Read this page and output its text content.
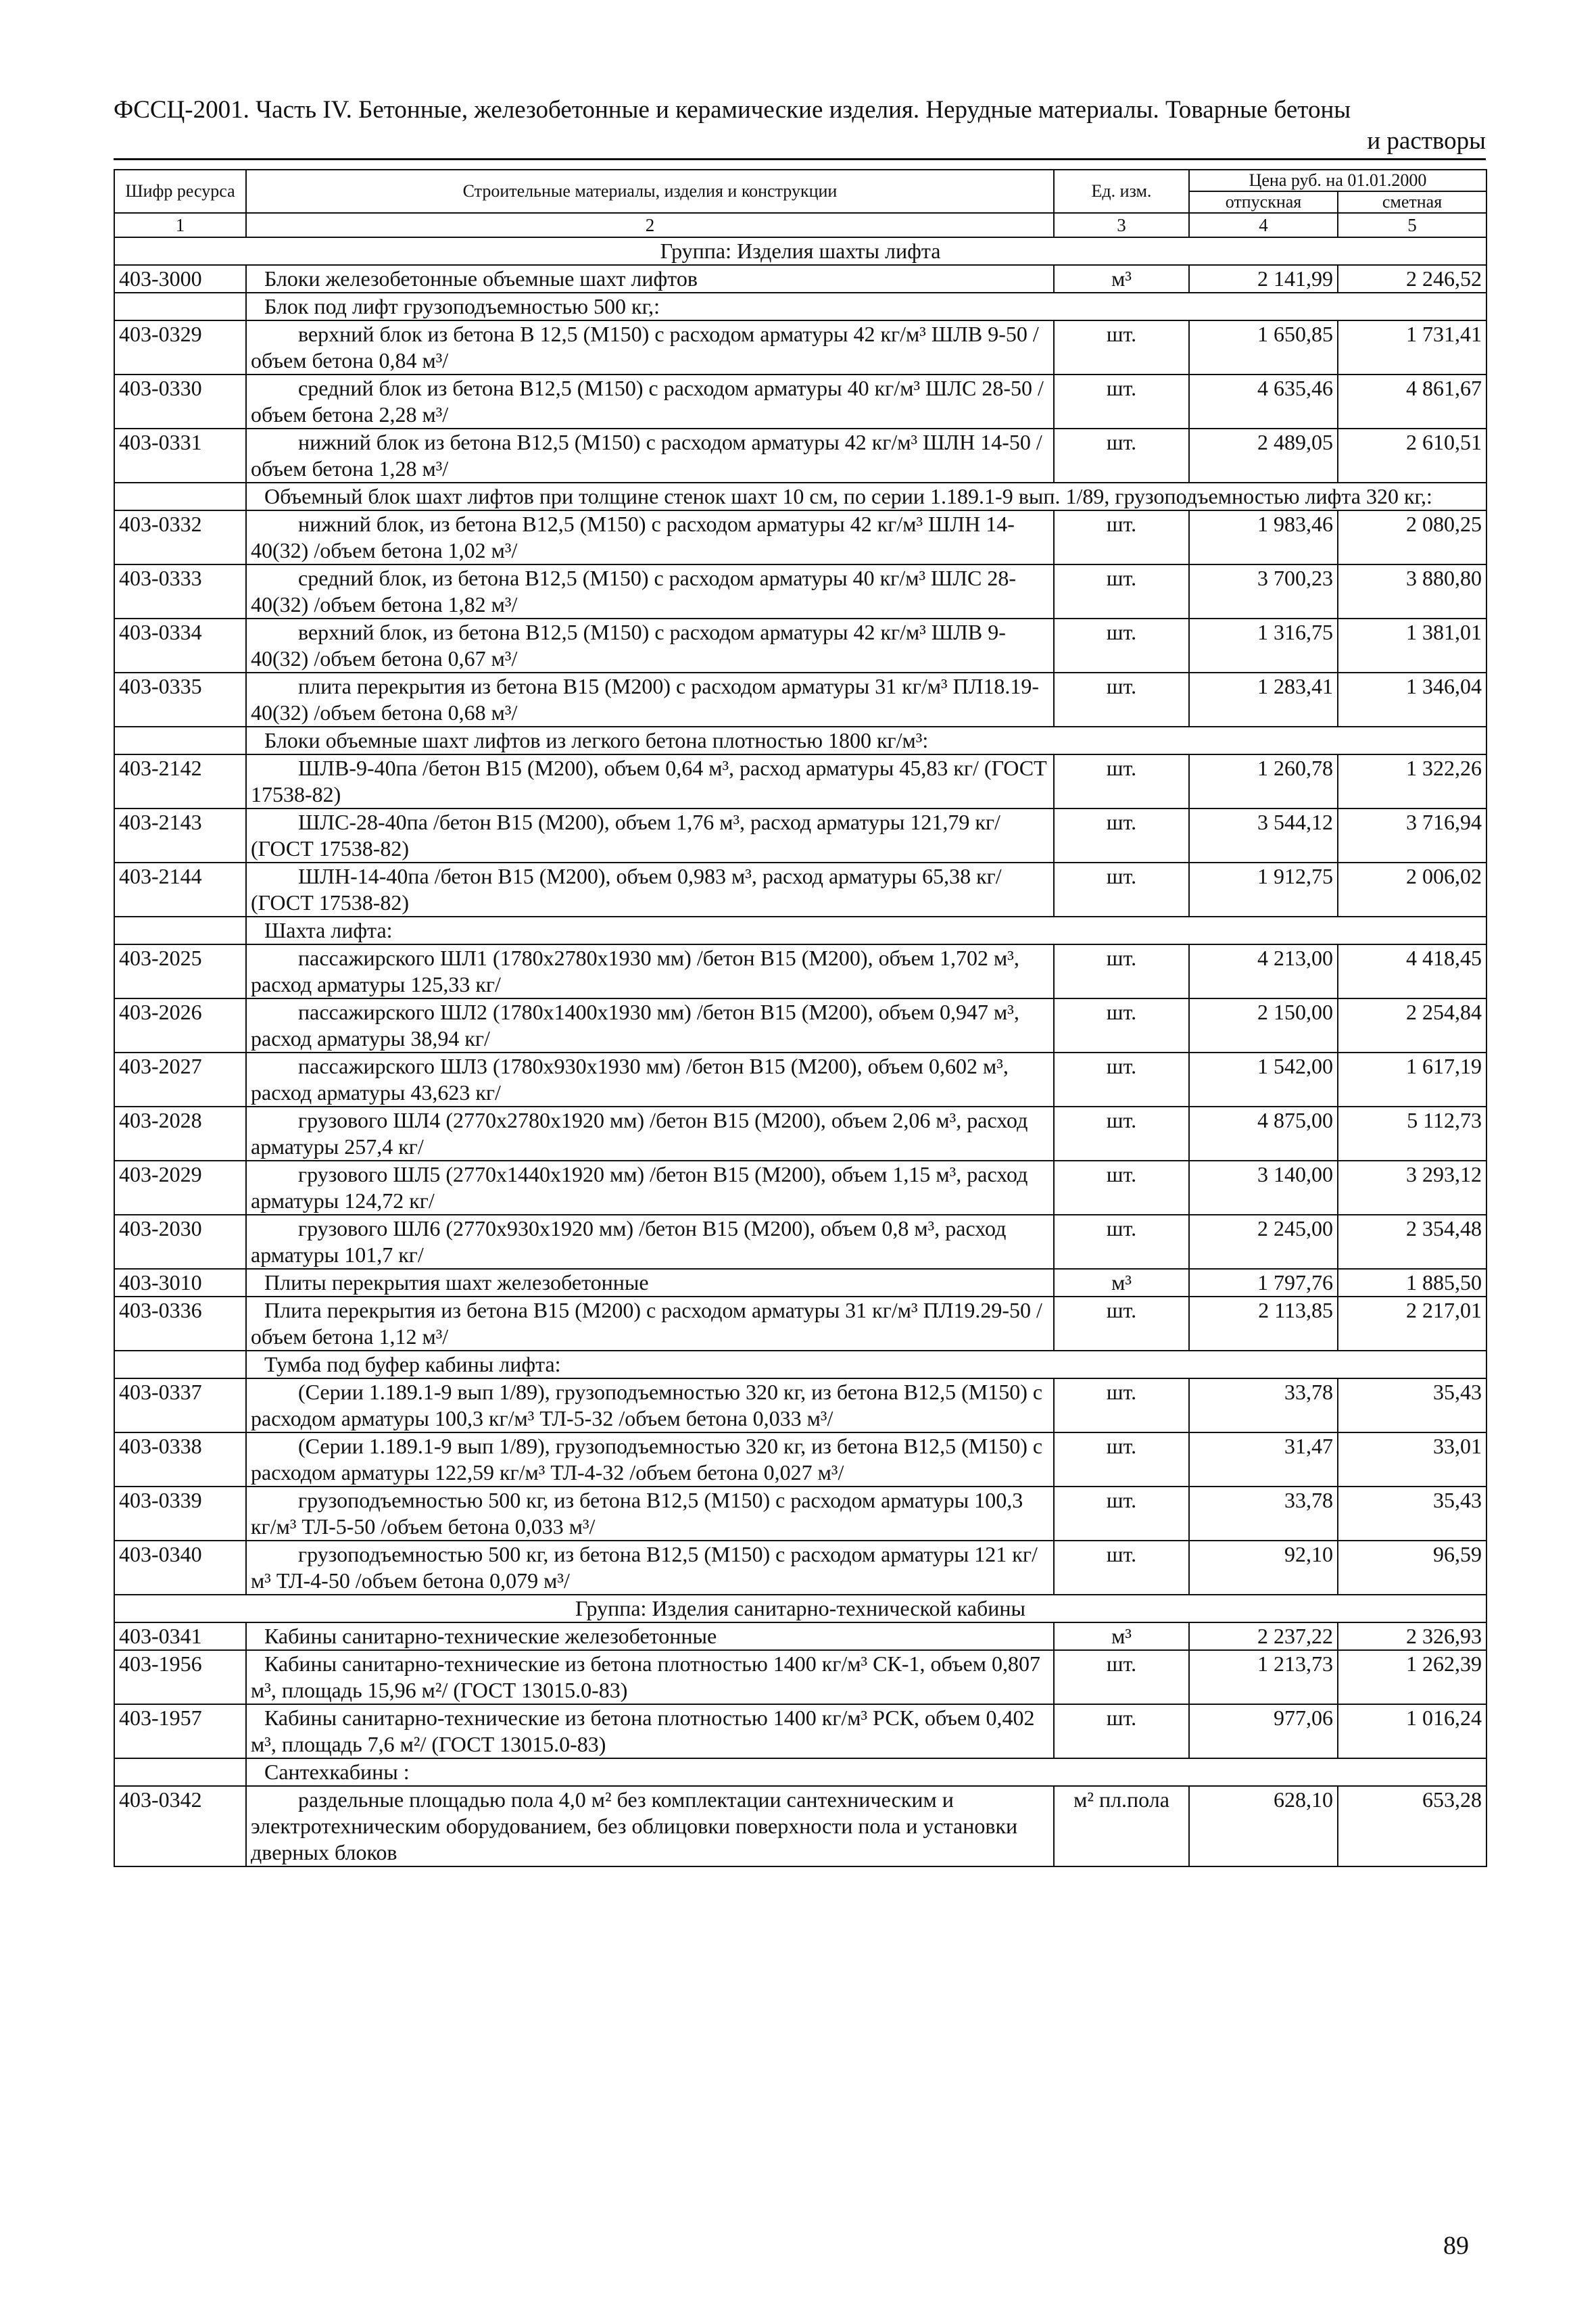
ФССЦ-2001. Часть IV. Бетонные, железобетонные и керамические изделия. Нерудные материалы. Товарные бетоны
и растворы
Шифр ресурса	Строительные материалы, изделия и конструкции	Ед. изм.	Цена руб. на 01.01.2000	
			отпускная	сметная
1	2	3	4	5
Группа: Изделия шахты лифта				
403-3000	Блоки железобетонные объемные шахт лифтов	м³	2 141,99	2 246,52
	Блок под лифт грузоподъемностью 500 кг,:			
403-0329	верхний блок из бетона В 12,5 (М150) с расходом арматуры 42 кг/м³ ШЛВ 9-50 /объем бетона 0,84 м³/	шт.	1 650,85	1 731,41
403-0330	средний блок из бетона В12,5 (М150) с расходом арматуры 40 кг/м³ ШЛС 28-50 /объем бетона 2,28 м³/	шт.	4 635,46	4 861,67
403-0331	нижний блок из бетона В12,5 (М150) с расходом арматуры 42 кг/м³ ШЛН 14-50 /объем бетона 1,28 м³/	шт.	2 489,05	2 610,51
	Объемный блок шахт лифтов при толщине стенок шахт 10 см, по серии 1.189.1-9 вып. 1/89, грузоподъемностью лифта 320 кг,:			
403-0332	нижний блок, из бетона В12,5 (М150) с расходом арматуры 42 кг/м³ ШЛН 14-40(32) /объем бетона 1,02 м³/	шт.	1 983,46	2 080,25
403-0333	средний блок, из бетона В12,5 (М150) с расходом арматуры 40 кг/м³ ШЛС 28-40(32) /объем бетона 1,82 м³/	шт.	3 700,23	3 880,80
403-0334	верхний блок, из бетона В12,5 (М150) с расходом арматуры 42 кг/м³ ШЛВ 9-40(32) /объем бетона 0,67 м³/	шт.	1 316,75	1 381,01
403-0335	плита перекрытия из бетона В15 (М200) с расходом арматуры 31 кг/м³ ПЛ18.19-40(32) /объем бетона 0,68 м³/	шт.	1 283,41	1 346,04
	Блоки объемные шахт лифтов из легкого бетона плотностью 1800 кг/м³:			
403-2142	ШЛВ-9-40па /бетон В15 (М200), объем 0,64 м³, расход арматуры 45,83 кг/ (ГОСТ 17538-82)	шт.	1 260,78	1 322,26
403-2143	ШЛС-28-40па /бетон В15 (М200), объем 1,76 м³, расход арматуры 121,79 кг/ (ГОСТ 17538-82)	шт.	3 544,12	3 716,94
403-2144	ШЛН-14-40па /бетон В15 (М200), объем 0,983 м³, расход арматуры 65,38 кг/ (ГОСТ 17538-82)	шт.	1 912,75	2 006,02
	Шахта лифта:			
403-2025	пассажирского ШЛ1 (1780х2780х1930 мм) /бетон В15 (М200), объем 1,702 м³, расход арматуры 125,33 кг/	шт.	4 213,00	4 418,45
403-2026	пассажирского ШЛ2 (1780х1400х1930 мм) /бетон В15 (М200), объем 0,947 м³, расход арматуры 38,94 кг/	шт.	2 150,00	2 254,84
403-2027	пассажирского ШЛ3 (1780х930х1930 мм) /бетон В15 (М200), объем 0,602 м³, расход арматуры 43,623 кг/	шт.	1 542,00	1 617,19
403-2028	грузового ШЛ4 (2770х2780х1920 мм) /бетон В15 (М200), объем 2,06 м³, расход арматуры 257,4 кг/	шт.	4 875,00	5 112,73
403-2029	грузового ШЛ5 (2770х1440х1920 мм) /бетон В15 (М200), объем 1,15 м³, расход арматуры 124,72 кг/	шт.	3 140,00	3 293,12
403-2030	грузового ШЛ6 (2770х930х1920 мм) /бетон В15 (М200), объем 0,8 м³, расход арматуры 101,7 кг/	шт.	2 245,00	2 354,48
403-3010	Плиты перекрытия шахт железобетонные	м³	1 797,76	1 885,50
403-0336	Плита перекрытия из бетона В15 (М200) с расходом арматуры 31 кг/м³ ПЛ19.29-50 /объем бетона 1,12 м³/	шт.	2 113,85	2 217,01
	Тумба под буфер кабины лифта:			
403-0337	(Серии 1.189.1-9 вып 1/89), грузоподъемностью 320 кг, из бетона В12,5 (М150) с расходом арматуры 100,3 кг/м³ ТЛ-5-32 /объем бетона 0,033 м³/	шт.	33,78	35,43
403-0338	(Серии 1.189.1-9 вып 1/89), грузоподъемностью 320 кг, из бетона В12,5 (М150) с расходом арматуры 122,59 кг/м³ ТЛ-4-32 /объем бетона 0,027 м³/	шт.	31,47	33,01
403-0339	грузоподъемностью 500 кг, из бетона В12,5 (М150) с расходом арматуры 100,3 кг/м³ ТЛ-5-50 /объем бетона 0,033 м³/	шт.	33,78	35,43
403-0340	грузоподъемностью 500 кг, из бетона В12,5 (М150) с расходом арматуры 121 кг/м³ ТЛ-4-50 /объем бетона 0,079 м³/	шт.	92,10	96,59
Группа: Изделия санитарно-технической кабины				
403-0341	Кабины санитарно-технические железобетонные	м³	2 237,22	2 326,93
403-1956	Кабины санитарно-технические из бетона плотностью 1400 кг/м³ СК-1, объем 0,807 м³, площадь 15,96 м²/ (ГОСТ 13015.0-83)	шт.	1 213,73	1 262,39
403-1957	Кабины санитарно-технические из бетона плотностью 1400 кг/м³ РСК, объем 0,402 м³, площадь 7,6 м²/ (ГОСТ 13015.0-83)	шт.	977,06	1 016,24
	Сантехкабины :			
403-0342	раздельные площадью пола 4,0 м² без комплектации сантехническим и электротехническим оборудованием, без облицовки поверхности пола и установки дверных блоков	м² пл.пола	628,10	653,28
89
